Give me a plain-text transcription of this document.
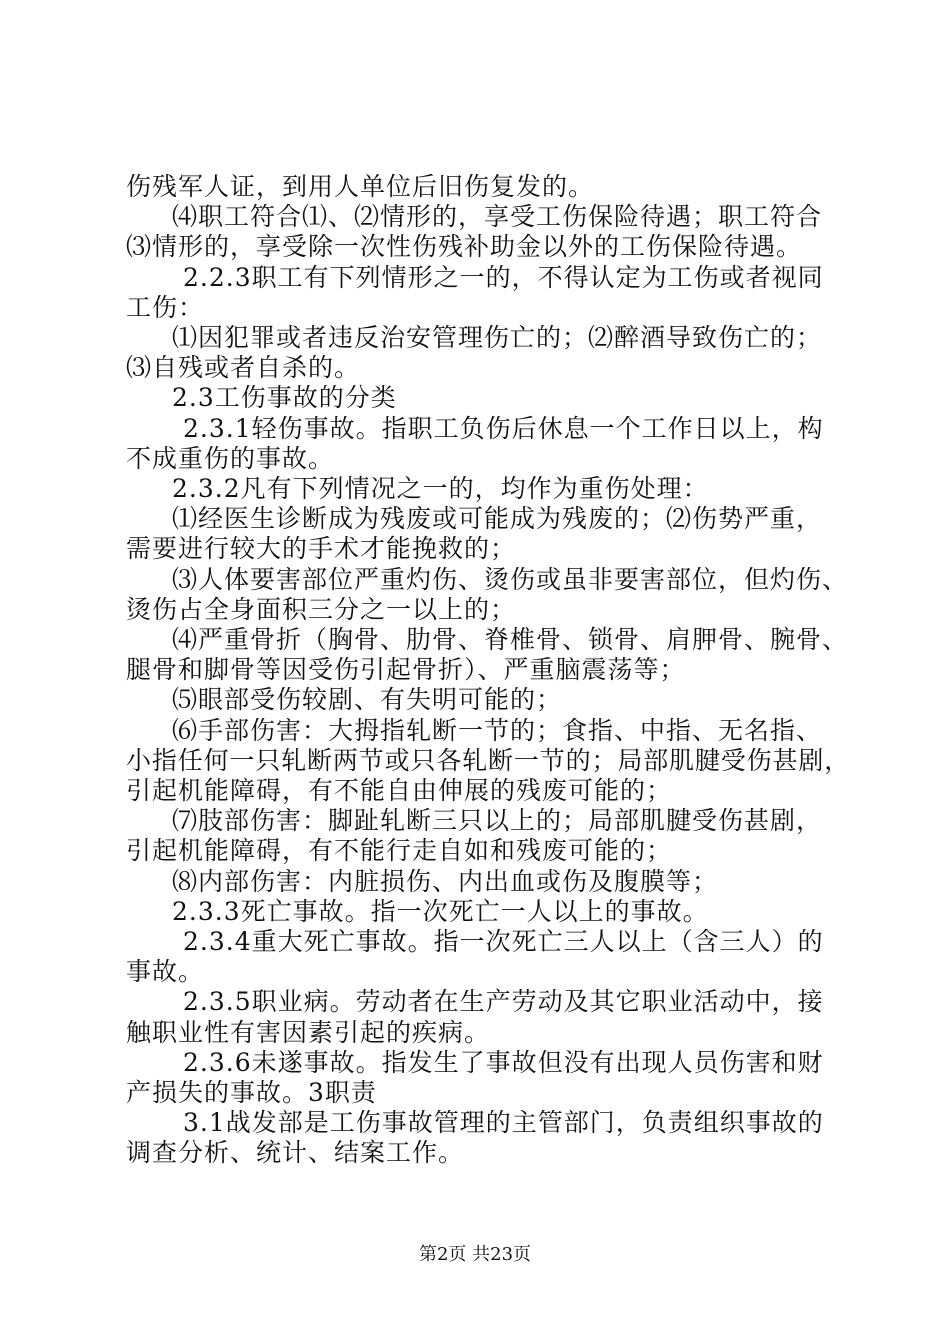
伤残军人证，到用人单位后旧伤复发的。
⑷职工符合⑴、⑵情形的，享受工伤保险待遇；职工符合
⑶情形的，享受除一次性伤残补助金以外的工伤保险待遇。
2.2.3职工有下列情形之一的，不得认定为工伤或者视同
工伤：
⑴因犯罪或者违反治安管理伤亡的；⑵醉酒导致伤亡的；
⑶自残或者自杀的。
2.3工伤事故的分类
2.3.1轻伤事故。指职工负伤后休息一个工作日以上，构
不成重伤的事故。
2.3.2凡有下列情况之一的，均作为重伤处理：
⑴经医生诊断成为残废或可能成为残废的；⑵伤势严重，
需要进行较大的手术才能挽救的；
⑶人体要害部位严重灼伤、烫伤或虽非要害部位，但灼伤、
烫伤占全身面积三分之一以上的；
⑷严重骨折（胸骨、肋骨、脊椎骨、锁骨、肩胛骨、腕骨、
腿骨和脚骨等因受伤引起骨折）、严重脑震荡等；
⑸眼部受伤较剧、有失明可能的；
⑹手部伤害：大拇指轧断一节的；食指、中指、无名指、
小指任何一只轧断两节或只各轧断一节的；局部肌腱受伤甚剧，
引起机能障碍，有不能自由伸展的残废可能的；
⑺肢部伤害：脚趾轧断三只以上的；局部肌腱受伤甚剧，
引起机能障碍，有不能行走自如和残废可能的；
⑻内部伤害：内脏损伤、内出血或伤及腹膜等；
2.3.3死亡事故。指一次死亡一人以上的事故。
2.3.4重大死亡事故。指一次死亡三人以上（含三人）的
事故。
2.3.5职业病。劳动者在生产劳动及其它职业活动中，接
触职业性有害因素引起的疾病。
2.3.6未遂事故。指发生了事故但没有出现人员伤害和财
产损失的事故。3职责
3.1战发部是工伤事故管理的主管部门，负责组织事故的
调查分析、统计、结案工作。
第2页 共23页
